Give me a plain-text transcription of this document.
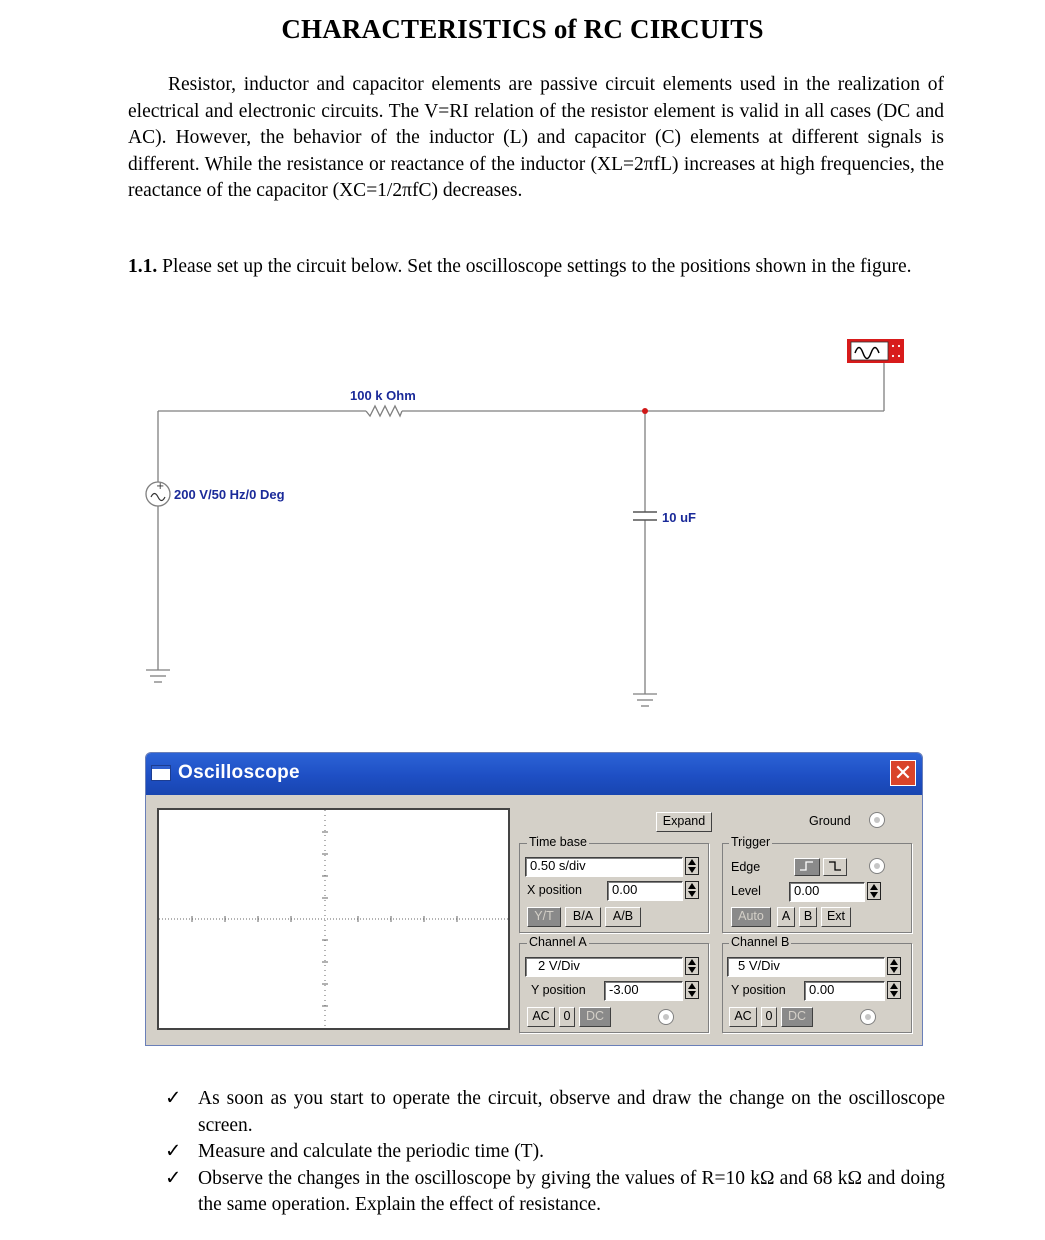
CHARACTERISTICS of RC CIRCUITS
Resistor, inductor and capacitor elements are passive circuit elements used in the realization of electrical and electronic circuits. The V=RI relation of the resistor element is valid in all cases (DC and AC). However, the behavior of the inductor (L) and capacitor (C) elements at different signals is different. While the resistance or reactance of the inductor (XL=2πfL) increases at high frequencies, the reactance of the capacitor (XC=1/2πfC) decreases.
1.1. Please set up the circuit below. Set the oscilloscope settings to the positions shown in the figure.
+
100 k Ohm
200 V/50 Hz/0 Deg
10 uF
Oscilloscope	✕
Expand	Ground
Time base
0.50 s/div
X position	0.00
Y/T	B/A	A/B
Trigger
Edge
Level	0.00
Auto	A	B	Ext
Channel A
2 V/Div
Y position	-3.00
AC	0	DC
Channel B
5 V/Div
Y position	0.00
AC	0	DC
✓ As soon as you start to operate the circuit, observe and draw the change on the oscilloscope screen.
✓ Measure and calculate the periodic time (T).
✓ Observe the changes in the oscilloscope by giving the values of R=10 kΩ and 68 kΩ and doing the same operation. Explain the effect of resistance.
